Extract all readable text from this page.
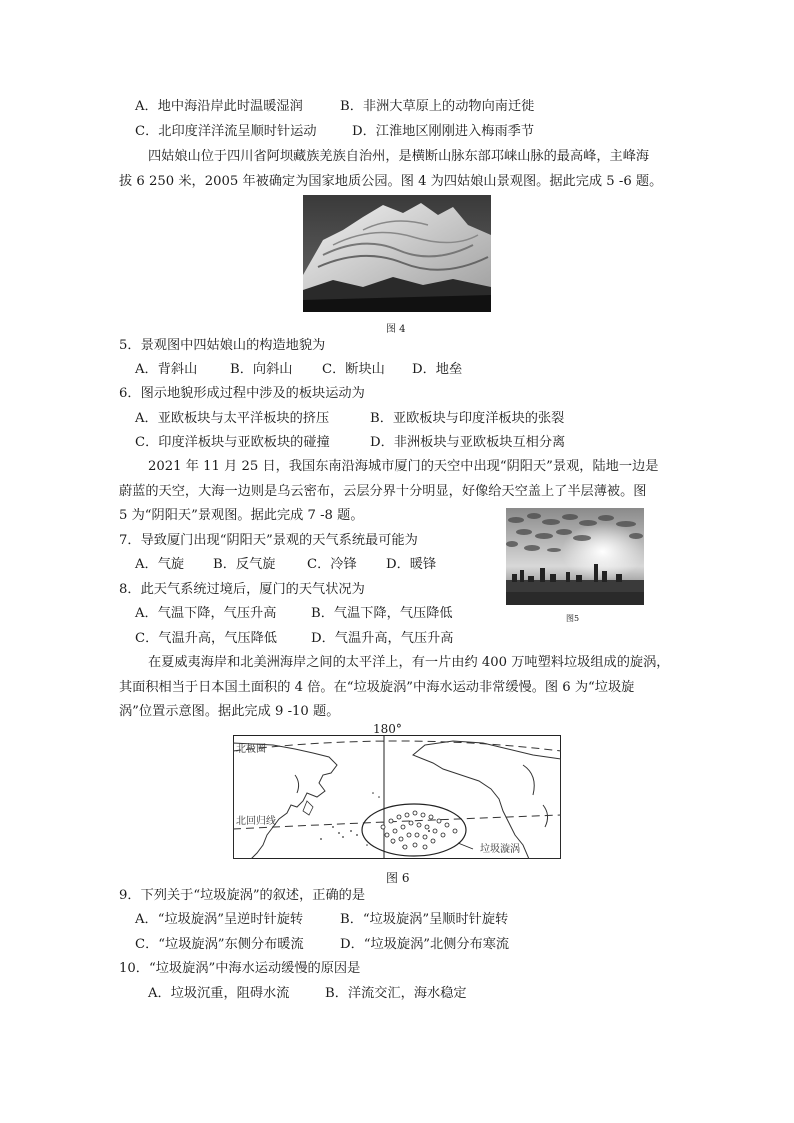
A．地中海沿岸此时温暖湿润	B．非洲大草原上的动物向南迁徙
C．北印度洋洋流呈顺时针运动	D．江淮地区刚刚进入梅雨季节
四姑娘山位于四川省阿坝藏族羌族自治州，是横断山脉东部邛崃山脉的最高峰，主峰海
拔 6 250 米，2005 年被确定为国家地质公园。图 4 为四姑娘山景观图。据此完成 5 -6 题。
图 4
5．景观图中四姑娘山的构造地貌为
A．背斜山 B．向斜山 C．断块山 D．地垒
6．图示地貌形成过程中涉及的板块运动为
A．亚欧板块与太平洋板块的挤压	B．亚欧板块与印度洋板块的张裂
C．印度洋板块与亚欧板块的碰撞	D．非洲板块与亚欧板块互相分离
2021 年 11 月 25 日，我国东南沿海城市厦门的天空中出现“阴阳天”景观，陆地一边是
蔚蓝的天空，大海一边则是乌云密布，云层分界十分明显，好像给天空盖上了半层薄被。图
5 为“阴阳天”景观图。据此完成 7 -8 题。
图5
7．导致厦门出现“阴阳天”景观的天气系统最可能为
A．气旋 B．反气旋 C．冷锋 D．暖锋
8．此天气系统过境后，厦门的天气状况为
A．气温下降，气压升高	B．气温下降，气压降低
C．气温升高，气压降低	D．气温升高，气压升高
在夏威夷海岸和北美洲海岸之间的太平洋上，有一片由约 400 万吨塑料垃圾组成的旋涡，
其面积相当于日本国土面积的 4 倍。在“垃圾旋涡”中海水运动非常缓慢。图 6 为“垃圾旋
涡”位置示意图。据此完成 9 -10 题。
180°
北极圈
北回归线
垃圾漩涡
图 6
9．下列关于“垃圾旋涡”的叙述，正确的是
A．“垃圾旋涡”呈逆时针旋转	B．“垃圾旋涡”呈顺时针旋转
C．“垃圾旋涡”东侧分布暖流	D．“垃圾旋涡”北侧分布寒流
10．“垃圾旋涡”中海水运动缓慢的原因是
A．垃圾沉重，阻碍水流	B．洋流交汇，海水稳定
